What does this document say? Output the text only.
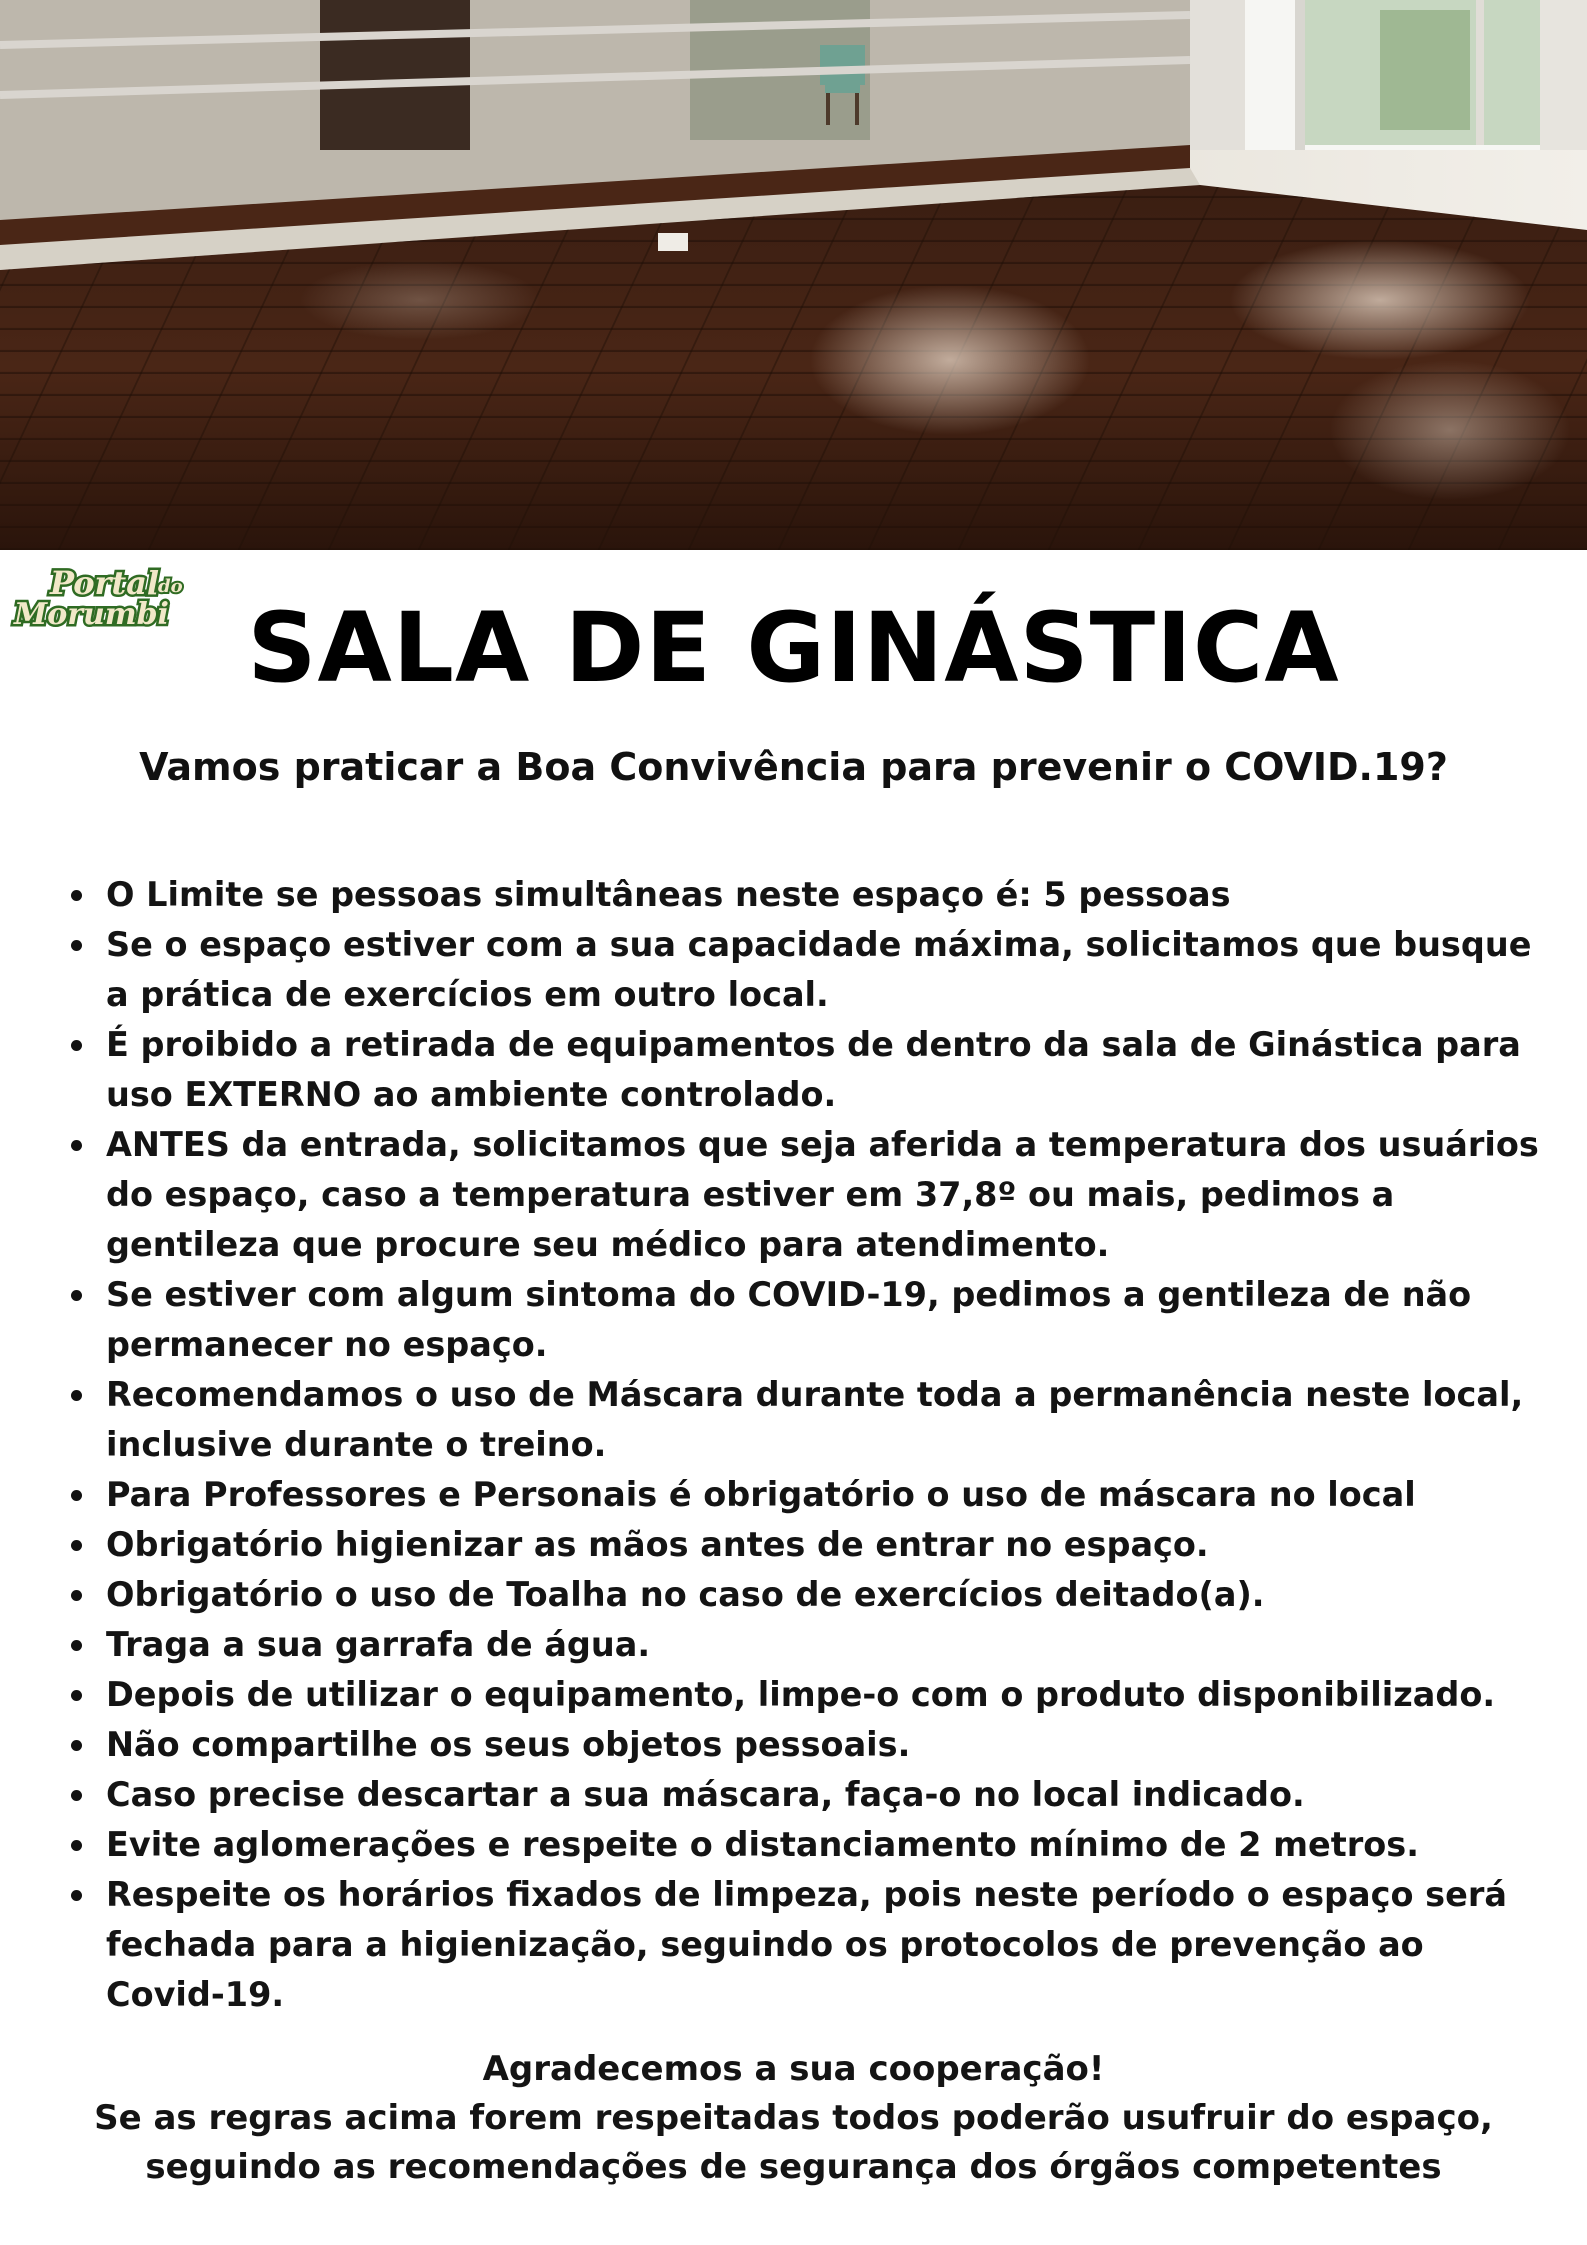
Portal
do
Morumbi SALA DE GINÁSTICA
Vamos praticar a Boa Convivência para prevenir o COVID.19?
O Limite se pessoas simultâneas neste espaço é: 5 pessoas
Se o espaço estiver com a sua capacidade máxima, solicitamos que busque a prática de exercícios em outro local.
É proibido a retirada de equipamentos de dentro da sala de Ginástica para uso EXTERNO ao ambiente controlado.
ANTES da entrada, solicitamos que seja aferida a temperatura dos usuários do espaço, caso a temperatura estiver em 37,8º ou mais, pedimos a gentileza que procure seu médico para atendimento.
Se estiver com algum sintoma do COVID-19, pedimos a gentileza de não permanecer no espaço.
Recomendamos o uso de Máscara durante toda a permanência neste local, inclusive durante o treino.
Para Professores e Personais é obrigatório o uso de máscara no local
Obrigatório higienizar as mãos antes de entrar no espaço.
Obrigatório o uso de Toalha no caso de exercícios deitado(a).
Traga a sua garrafa de água.
Depois de utilizar o equipamento, limpe-o com o produto disponibilizado.
Não compartilhe os seus objetos pessoais.
Caso precise descartar a sua máscara, faça-o no local indicado.
Evite aglomerações e respeite o distanciamento mínimo de 2 metros.
Respeite os horários fixados de limpeza, pois neste período o espaço será fechada para a higienização, seguindo os protocolos de prevenção ao Covid-19.
Agradecemos a sua cooperação!
Se as regras acima forem respeitadas todos poderão usufruir do espaço,
seguindo as recomendações de segurança dos órgãos competentes
